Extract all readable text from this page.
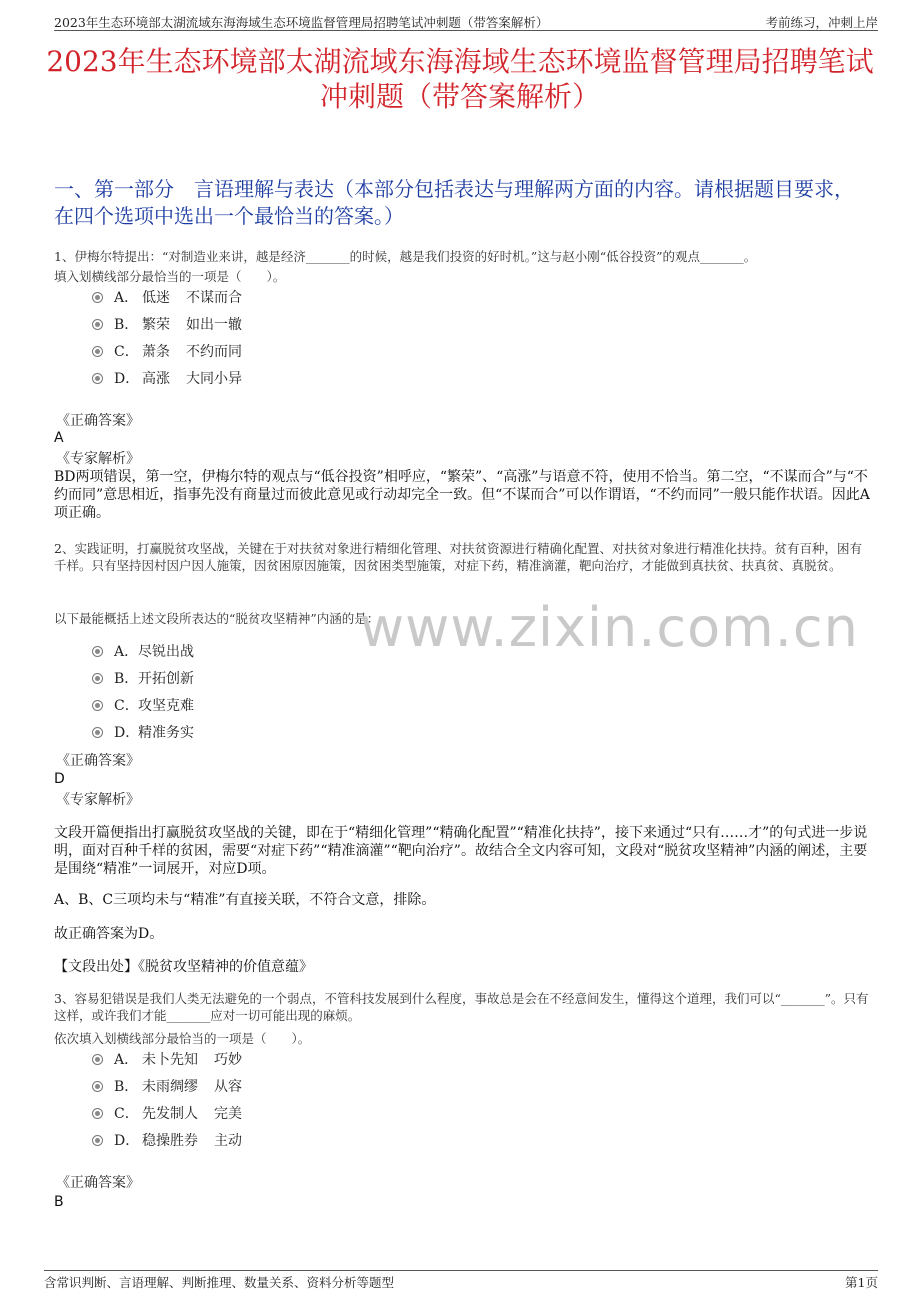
2023年生态环境部太湖流域东海海域生态环境监督管理局招聘笔试冲刺题（带答案解析）	考前练习，冲刺上岸
2023年生态环境部太湖流域东海海域生态环境监督管理局招聘笔试冲刺题（带答案解析）
一、第一部分　言语理解与表达（本部分包括表达与理解两方面的内容。请根据题目要求，在四个选项中选出一个最恰当的答案。）
1、伊梅尔特提出：“对制造业来讲，越是经济_______的时候，越是我们投资的好时机。”这与赵小刚“低谷投资”的观点_______。
填入划横线部分最恰当的一项是（　　）。
A． 低迷 不谋而合
B． 繁荣 如出一辙
C． 萧条 不约而同
D． 高涨 大同小异
《正确答案》
A
《专家解析》
BD两项错误，第一空，伊梅尔特的观点与“低谷投资”相呼应，“繁荣”、“高涨”与语意不符，使用不恰当。第二空，“不谋而合”与“不约而同”意思相近，指事先没有商量过而彼此意见或行动却完全一致。但“不谋而合”可以作谓语，“不约而同”一般只能作状语。因此A项正确。
2、实践证明，打赢脱贫攻坚战，关键在于对扶贫对象进行精细化管理、对扶贫资源进行精确化配置、对扶贫对象进行精准化扶持。贫有百种，困有千样。只有坚持因村因户因人施策，因贫困原因施策，因贫困类型施策，对症下药，精准滴灌，靶向治疗，才能做到真扶贫、扶真贫、真脱贫。
以下最能概括上述文段所表达的“脱贫攻坚精神”内涵的是：
www.zixin.com.cn
A．尽锐出战
B．开拓创新
C．攻坚克难
D．精准务实
《正确答案》
D
《专家解析》
文段开篇便指出打赢脱贫攻坚战的关键，即在于“精细化管理”“精确化配置”“精准化扶持”，接下来通过“只有……才”的句式进一步说明，面对百种千样的贫困，需要“对症下药”“精准滴灌”“靶向治疗”。故结合全文内容可知，文段对“脱贫攻坚精神”内涵的阐述，主要是围绕“精准”一词展开，对应D项。
A、B、C三项均未与“精准”有直接关联，不符合文意，排除。
故正确答案为D。
【文段出处】《脱贫攻坚精神的价值意蕴》
3、容易犯错误是我们人类无法避免的一个弱点，不管科技发展到什么程度，事故总是会在不经意间发生，懂得这个道理，我们可以“_______”。只有这样，或许我们才能_______应对一切可能出现的麻烦。
依次填入划横线部分最恰当的一项是（　　）。
A． 未卜先知 巧妙
B． 未雨绸缪 从容
C． 先发制人 完美
D． 稳操胜券 主动
《正确答案》
B
含常识判断、言语理解、判断推理、数量关系、资料分析等题型	第1页
